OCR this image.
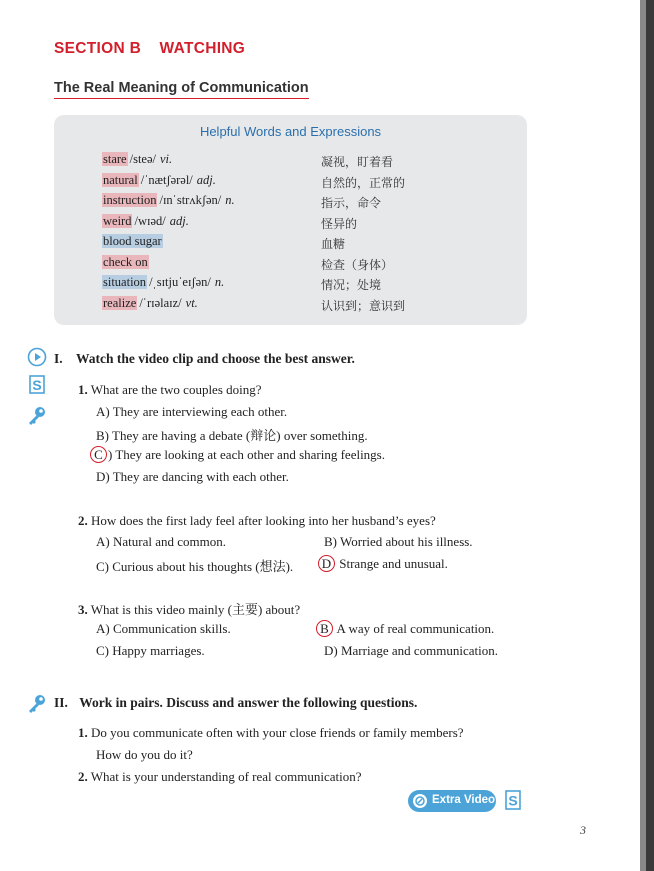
SECTION B    WATCHING
The Real Meaning of Communication
Helpful Words and Expressions
stare /steə/ vi.	凝视，盯着看
natural /ˈnætʃərəl/ adj.	自然的，正常的
instruction /ɪnˈstrʌkʃən/ n.	指示，命令
weird /wɪəd/ adj.	怪异的
blood sugar	血糖
check on	检查（身体）
situation /ˌsɪtjuˈeɪʃən/ n.	情况；处境
realize /ˈrɪəlaɪz/ vt.	认识到；意识到
S
I. Watch the video clip and choose the best answer.
1. What are the two couples doing?
A) They are interviewing each other.
B) They are having a debate (辩论) over something.
C ) They are looking at each other and sharing feelings.
D) They are dancing with each other.
2. How does the first lady feel after looking into her husband’s eyes?
A) Natural and common.	B) Worried about his illness.
C) Curious about his thoughts (想法). D Strange and unusual.
3. What is this video mainly (主要) about?
A) Communication skills.	B A way of real communication.
C) Happy marriages.	D) Marriage and communication.
II. Work in pairs. Discuss and answer the following questions.
1. Do you communicate often with your close friends or family members?
How do you do it?
2. What is your understanding of real communication?
Extra Video S
3
